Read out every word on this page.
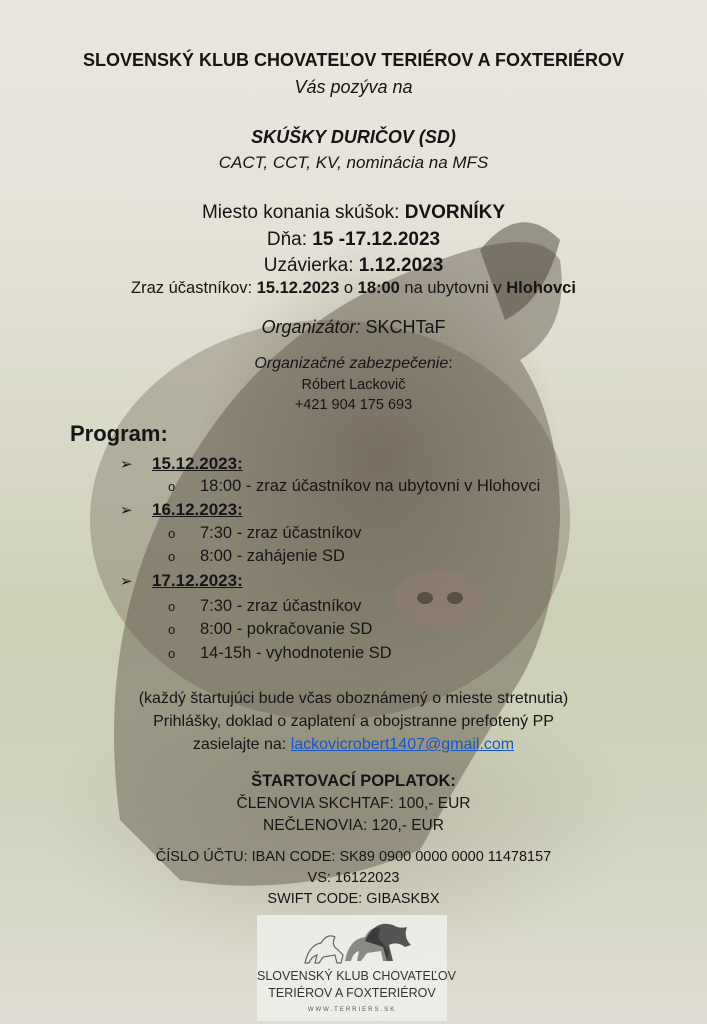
SLOVENSKÝ KLUB CHOVATEĽOV TERIÉROV A FOXTERIÉROV
Vás pozýva na
SKÚŠKY DURIČOV (SD)
CACT, CCT, KV, nominácia na MFS
Miesto konania skúšok: DVORNÍKY
Dňa: 15 -17.12.2023
Uzávierka: 1.12.2023
Zraz účastníkov: 15.12.2023 o 18:00 na ubytovni v Hlohovci
Organizátor: SKCHTaF
Organizačné zabezpečenie:
Róbert Lackovič
+421 904 175 693
Program:
➢ 15.12.2023:
o 18:00 - zraz účastníkov na ubytovni v Hlohovci
➢ 16.12.2023:
o 7:30 - zraz účastníkov
o 8:00 - zahájenie SD
➢ 17.12.2023:
o 7:30 - zraz účastníkov
o 8:00 - pokračovanie SD
o 14-15h - vyhodnotenie SD
(každý štartujúci bude včas oboznámený o mieste stretnutia)
Prihlášky, doklad o zaplatení a obojstranne prefotený PP
zasielajte na: lackovicrobert1407@gmail.com
ŠTARTOVACÍ POPLATOK:
ČLENOVIA SKCHTAF: 100,- EUR
NEČLENOVIA: 120,- EUR
ČÍSLO ÚČTU: IBAN CODE: SK89 0900 0000 0000 11478157
VS: 16122023
SWIFT CODE: GIBASKBX
SLOVENSKÝ KLUB CHOVATEĽOV
TERIÉROV A FOXTERIÉROV
WWW.TERRIERS.SK
